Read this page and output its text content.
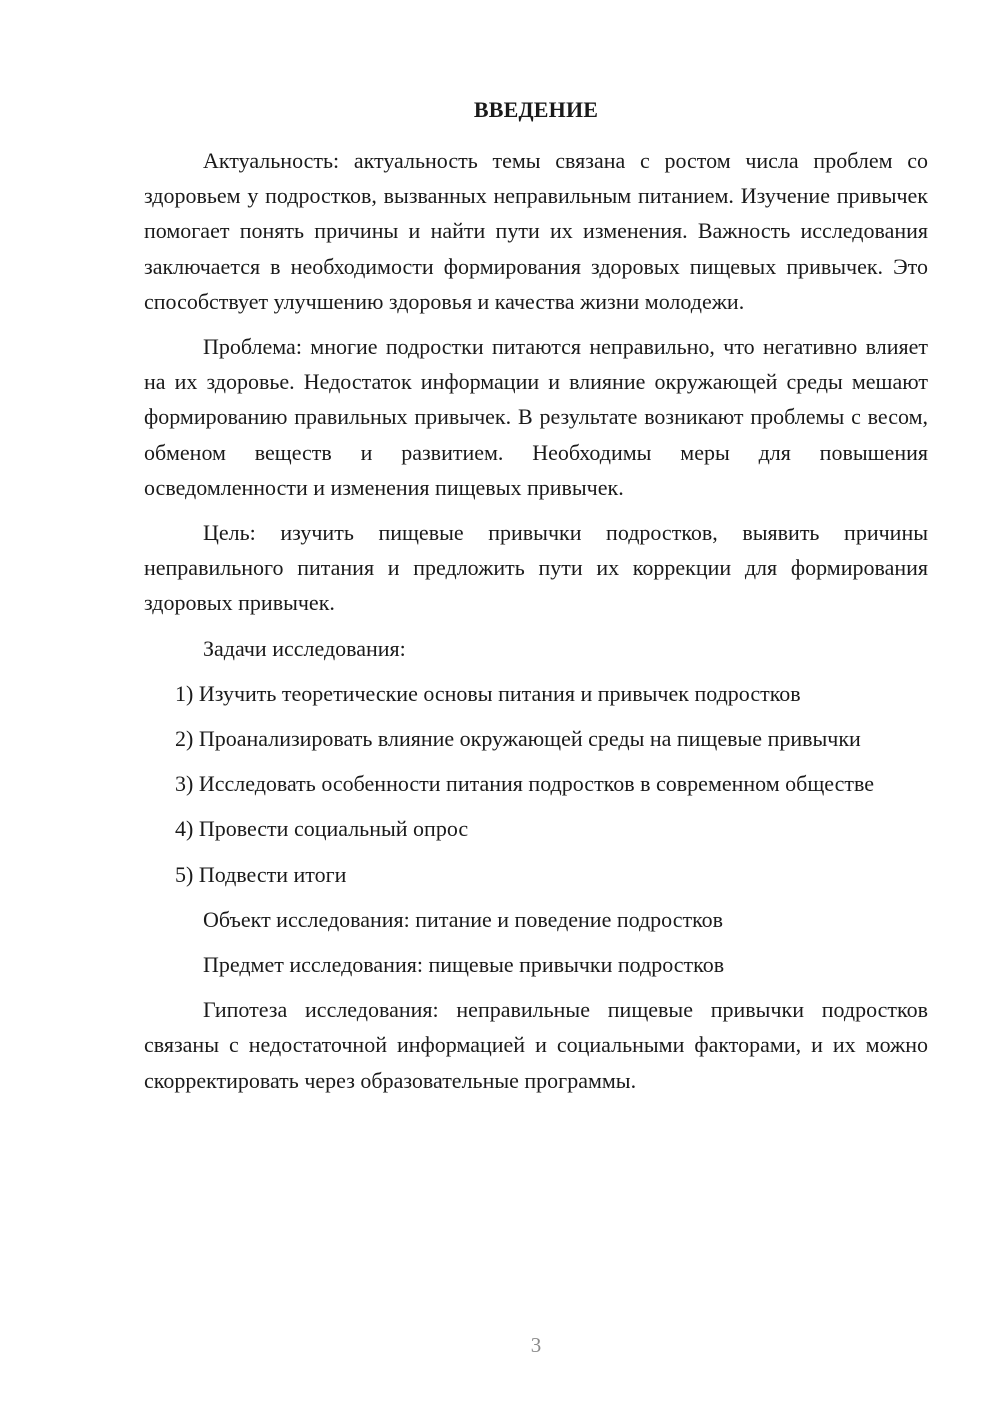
ВВЕДЕНИЕ

Актуальность: актуальность темы связана с ростом числа проблем со здоровьем у подростков, вызванных неправильным питанием. Изучение привычек помогает понять причины и найти пути их изменения. Важность исследования заключается в необходимости формирования здоровых пищевых привычек. Это способствует улучшению здоровья и качества жизни молодежи.

Проблема: многие подростки питаются неправильно, что негативно влияет на их здоровье. Недостаток информации и влияние окружающей среды мешают формированию правильных привычек. В результате возникают проблемы с весом, обменом веществ и развитием. Необходимы меры для повышения осведомленности и изменения пищевых привычек.

Цель: изучить пищевые привычки подростков, выявить причины неправильного питания и предложить пути их коррекции для формирования здоровых привычек.

Задачи исследования:

1) Изучить теоретические основы питания и привычек подростков

2) Проанализировать влияние окружающей среды на пищевые привычки

3) Исследовать особенности питания подростков в современном обществе

4) Провести социальный опрос

5) Подвести итоги

Объект исследования: питание и поведение подростков

Предмет исследования: пищевые привычки подростков

Гипотеза исследования: неправильные пищевые привычки подростков связаны с недостаточной информацией и социальными факторами, и их можно скорректировать через образовательные программы.

3
